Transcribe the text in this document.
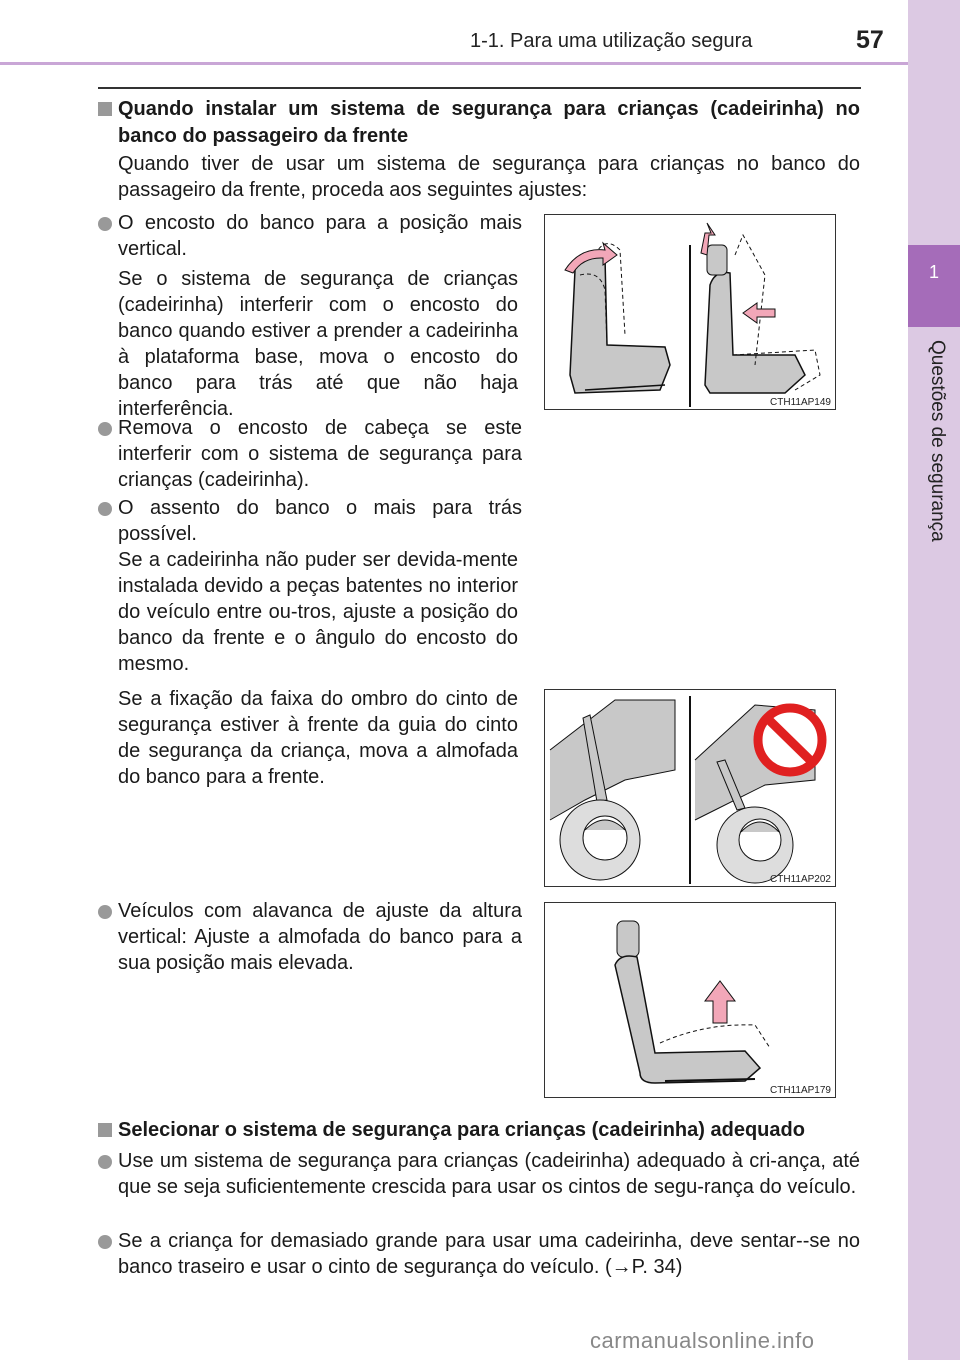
1-1. Para uma utilização segura	57
1
Questões de segurança
Quando instalar um sistema de segurança para crianças (cadeirinha) no banco do passageiro da frente
Quando tiver de usar um sistema de segurança para crianças no banco do passageiro da frente, proceda aos seguintes ajustes:
O encosto do banco para a posição mais vertical.
Se o sistema de segurança de crianças (cadeirinha) interferir com o encosto do banco quando estiver a prender a cadeirinha à plataforma base, mova o encosto do banco para trás até que não haja interferência.
Remova o encosto de cabeça se este interferir com o sistema de segurança para crianças (cadeirinha).
O assento do banco o mais para trás possível.
Se a cadeirinha não puder ser devida-mente instalada devido a peças batentes no interior do veículo entre ou-tros, ajuste a posição do banco da frente e o ângulo do encosto do mesmo.
Se a fixação da faixa do ombro do cinto de segurança estiver à frente da guia do cinto de segurança da criança, mova a almofada do banco para a frente.
Veículos com alavanca de ajuste da altura vertical: Ajuste a almofada do banco para a sua posição mais elevada.
CTH11AP149
CTH11AP202
CTH11AP179
Selecionar o sistema de segurança para crianças (cadeirinha) adequado
Use um sistema de segurança para crianças (cadeirinha) adequado à cri-ança, até que se seja suficientemente crescida para usar os cintos de segu-rança do veículo.
Se a criança for demasiado grande para usar uma cadeirinha, deve sentar--se no banco traseiro e usar o cinto de segurança do veículo. (→P. 34)
carmanualsonline.info
